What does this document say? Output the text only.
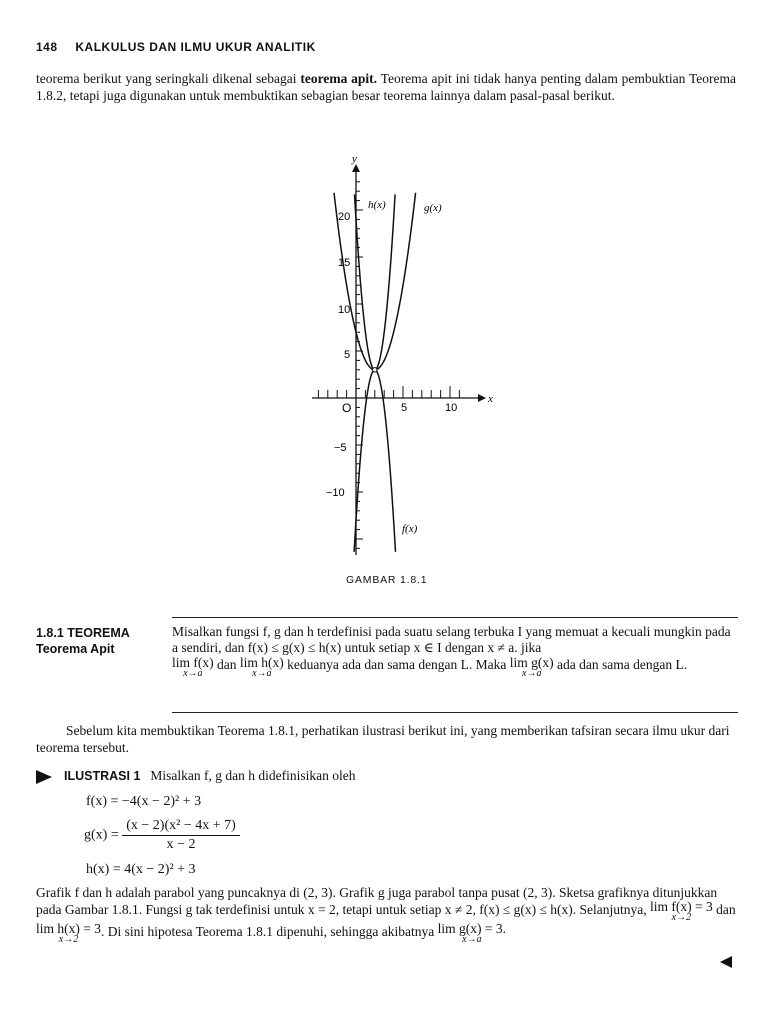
148 KALKULUS DAN ILMU UKUR ANALITIK
teorema berikut yang seringkali dikenal sebagai teorema apit. Teorema apit ini tidak hanya penting dalam pembuktian Teorema 1.8.2, tetapi juga digunakan untuk membuktikan sebagian besar teorema lainnya dalam pasal-pasal berikut.
y
x
O
20
15
10
5
−5
−10
5	10
h(x)	g(x)
f(x)
GAMBAR 1.8.1
1.8.1 TEOREMA
Teorema Apit

Misalkan fungsi f, g dan h terdefinisi pada suatu selang terbuka I yang memuat a kecuali mungkin pada a sendiri, dan f(x) ≤ g(x) ≤ h(x) untuk setiap x ∈ I dengan x ≠ a. jika

lim f(x)
x→a
dan lim h(x)
x→a
keduanya ada dan sama dengan L. Maka lim g(x)
x→a
ada dan sama dengan L.

Sebelum kita membuktikan Teorema 1.8.1, perhatikan ilustrasi berikut ini, yang memberikan tafsiran secara ilmu ukur dari teorema tersebut.
ILUSTRASI 1 Misalkan f, g dan h didefinisikan oleh
f(x) = −4(x − 2)² + 3
$g(x) = \frac{\text{(x − 2)(x² − 4x + 7)}}{x - 2}$
h(x) = 4(x − 2)² + 3
Grafik f dan h adalah parabol yang puncaknya di (2, 3). Grafik g juga parabol tanpa pusat (2, 3). Sketsa grafiknya ditunjukkan pada Gambar 1.8.1. Fungsi g tak terdefinisi untuk x = 2, tetapi untuk setiap x ≠ 2, f(x) ≤ g(x) ≤ h(x). Selanjutnya, lim f(x) = 3
x→2
dan lim h(x) = 3
x→2
. Di sini hipotesa Teorema 1.8.1 dipenuhi, sehingga akibatnya lim g(x) = 3.
x→a
